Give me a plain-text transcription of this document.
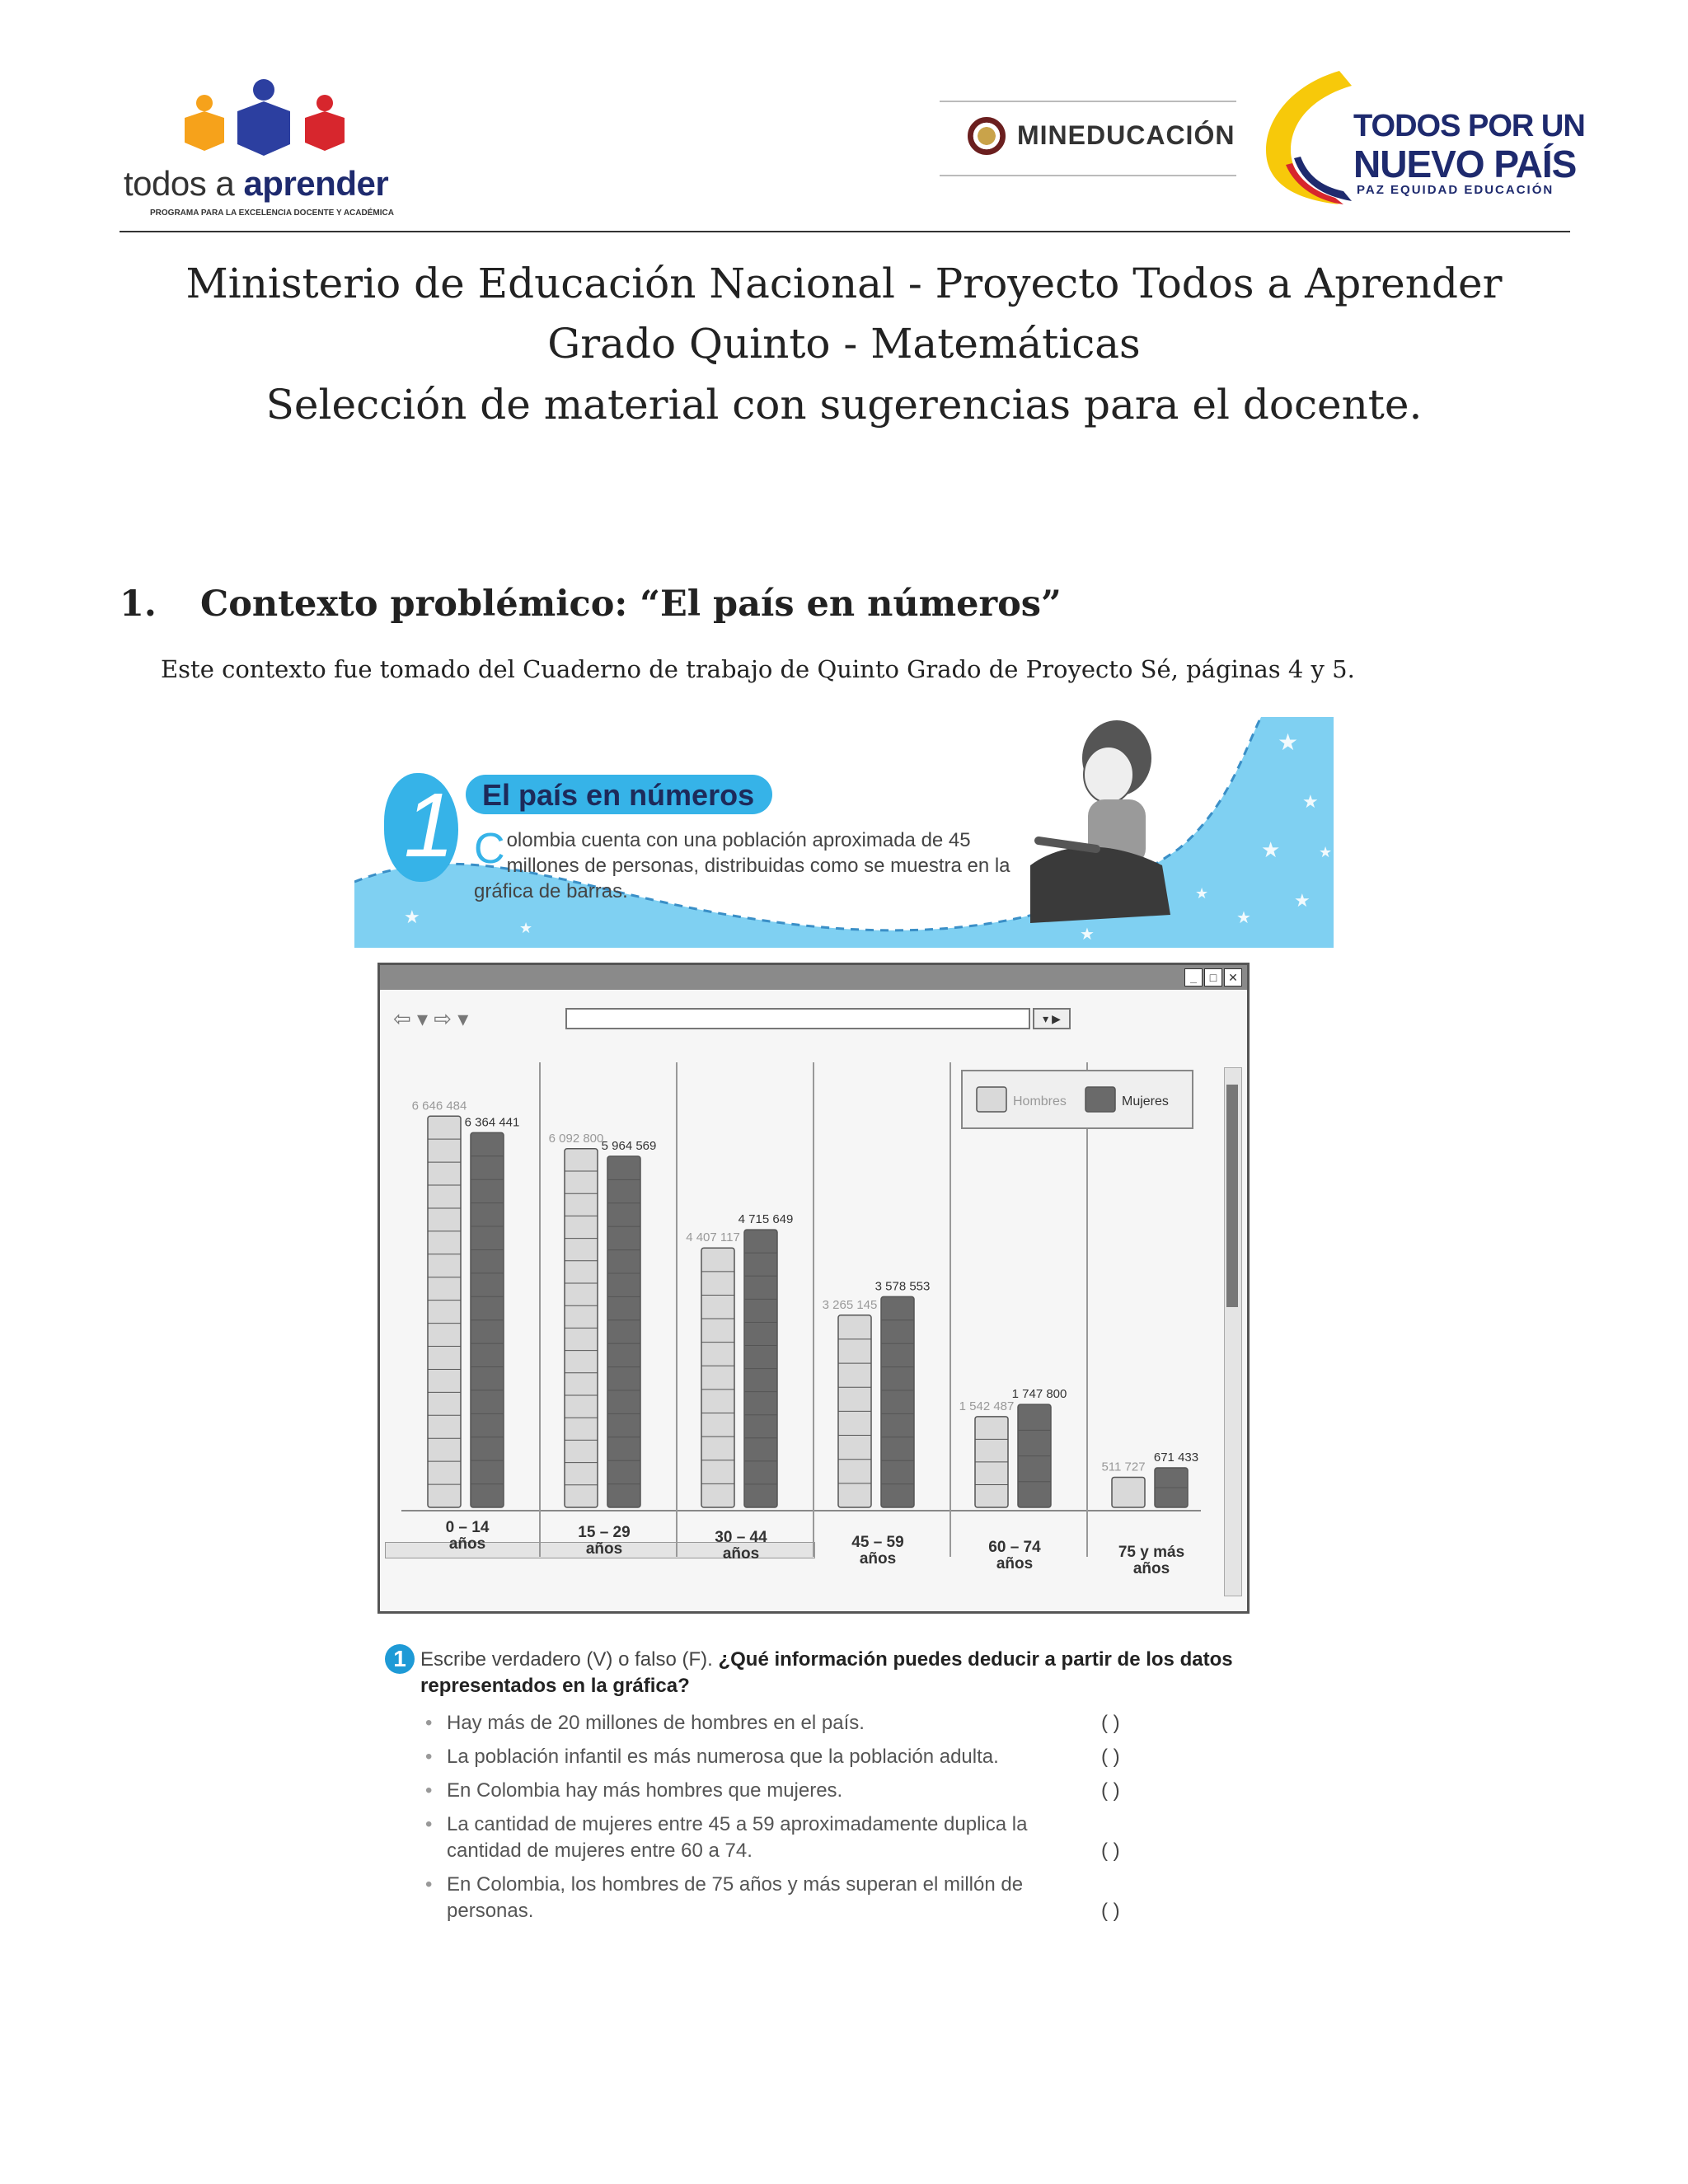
todos a aprender
PROGRAMA PARA LA EXCELENCIA DOCENTE Y ACADÉMICA
MINEDUCACIÓN	TODOS POR UN
NUEVO PAÍS
PAZ EQUIDAD EDUCACIÓN
Ministerio de Educación Nacional - Proyecto Todos a Aprender
Grado Quinto - Matemáticas
Selección de material con sugerencias para el docente.
1. Contexto problémico: “El país en números”
Este contexto fue tomado del Cuaderno de trabajo de Quinto Grado de Proyecto Sé, páginas 4 y 5.
★
★
★
★
★
★
★	★
★
★
1 El país en números
Colombia cuenta con una población aproximada de 45 millones de personas, distribuidas como se muestra en la gráfica de barras.
_ □ ✕
⇦ ▾ ⇨ ▾	▾ ▶
6 646 484
6 364 441
0 – 14
años
6 092 800
5 964 569
15 – 29
años
4 407 117
4 715 649
30 – 44
años
3 265 145
3 578 553
45 – 59
años
1 542 487
1 747 800
60 – 74
años
511 727
671 433
75 y más
años
Hombres	Mujeres
1 Escribe verdadero (V) o falso (F). ¿Qué información puedes deducir a partir de los datos representados en la gráfica?
• Hay más de 20 millones de hombres en el país.	( )
• La población infantil es más numerosa que la población adulta.	( )
• En Colombia hay más hombres que mujeres.	( )
• La cantidad de mujeres entre 45 a 59 aproximadamente duplica la cantidad de mujeres entre 60 a 74.	( )
• En Colombia, los hombres de 75 años y más superan el millón de personas.	( )
